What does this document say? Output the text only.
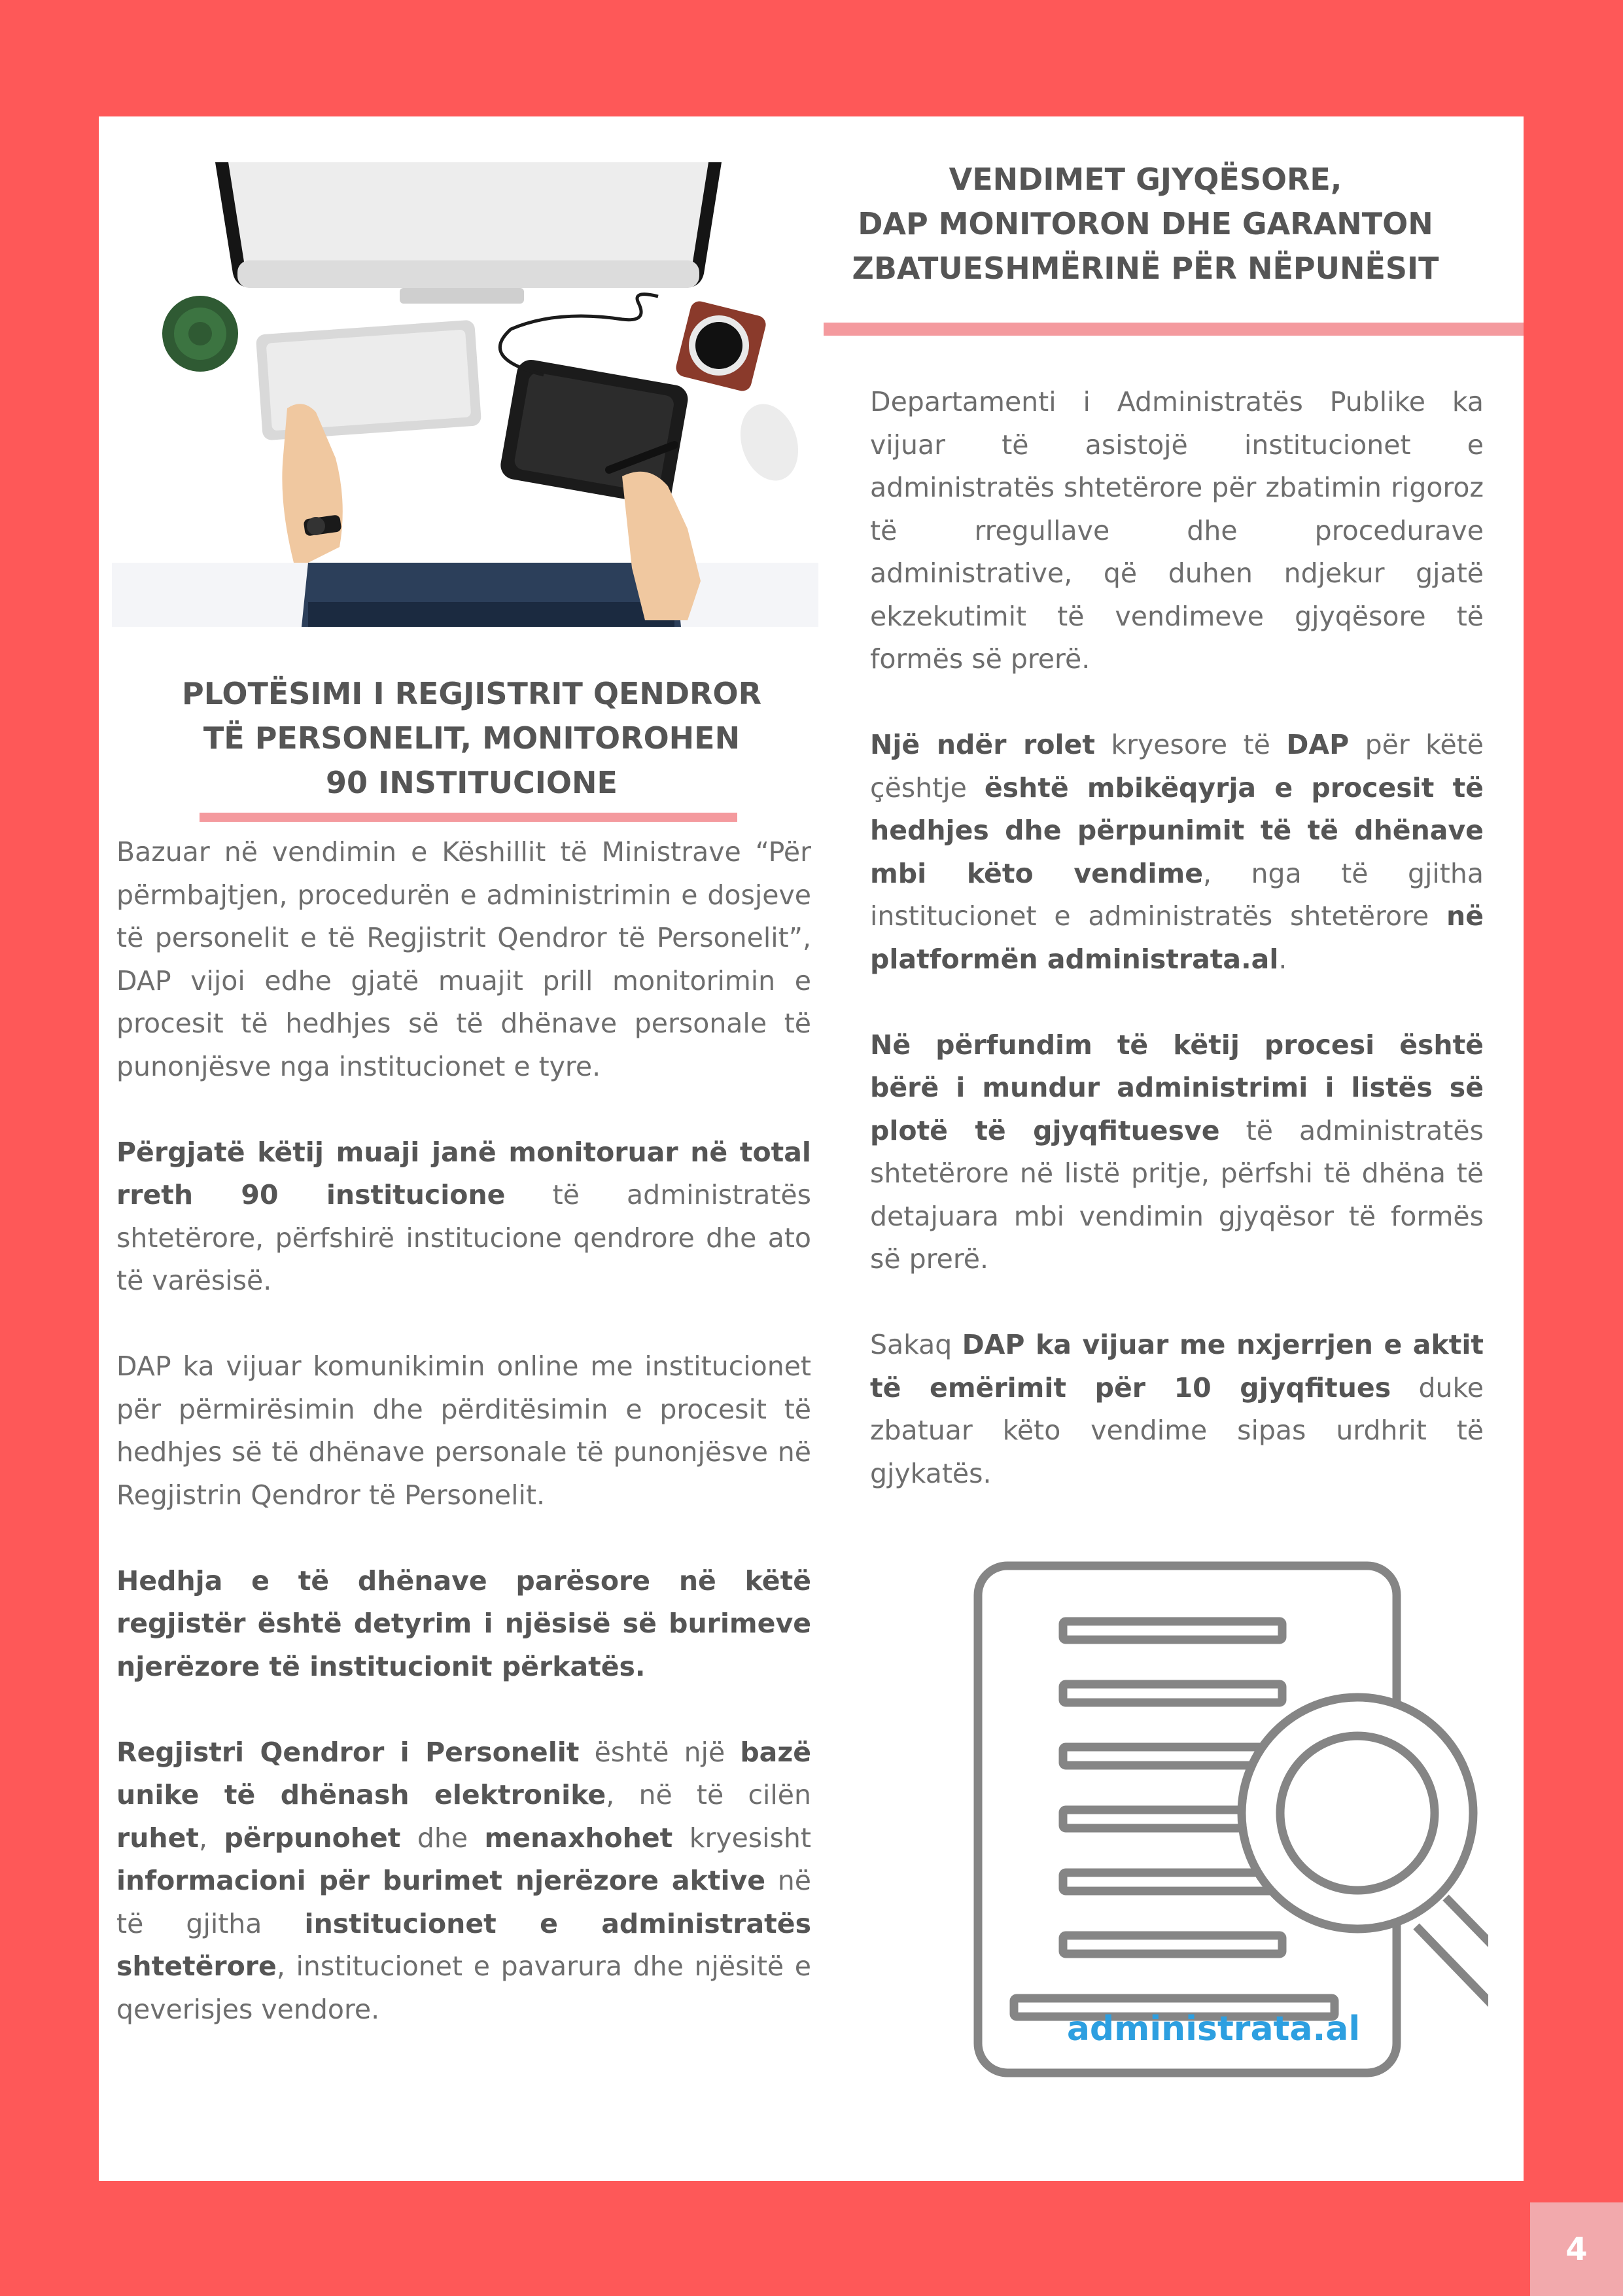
PLOTËSIMI I REGJISTRIT QENDROR
TË PERSONELIT, MONITOROHEN
90 INSTITUCIONE

Bazuar në vendimin e Këshillit të Ministrave “Për përmbajtjen, procedurën e administrimin e dosjeve të personelit e të Regjistrit Qendror të Personelit”, DAP vijoi edhe gjatë muajit prill monitorimin e procesit të hedhjes së të dhënave personale të punonjësve nga institucionet e tyre.

Përgjatë këtij muaji janë monitoruar në total rreth 90 institucione të administratës shtetërore, përfshirë institucione qendrore dhe ato të varësisë.

DAP ka vijuar komunikimin online me institucionet për përmirësimin dhe përditësimin e procesit të hedhjes së të dhënave personale të punonjësve në Regjistrin Qendror të Personelit.

Hedhja e të dhënave parësore në këtë regjistër është detyrim i njësisë së burimeve njerëzore të institucionit përkatës.

Regjistri Qendror i Personelit është një bazë unike të dhënash elektronike, në të cilën ruhet, përpunohet dhe menaxhohet kryesisht informacioni për burimet njerëzore aktive në të gjitha institucionet e administratës shtetërore, institucionet e pavarura dhe njësitë e qeverisjes vendore.

VENDIMET GJYQËSORE,
DAP MONITORON DHE GARANTON
ZBATUESHMËRINË PËR NËPUNËSIT

Departamenti i Administratës Publike ka vijuar të asistojë institucionet e administratës shtetërore për zbatimin rigoroz të rregullave dhe procedurave administrative, që duhen ndjekur gjatë ekzekutimit të vendimeve gjyqësore të formës së prerë.

Një ndër rolet kryesore të DAP për këtë çështje është mbikëqyrja e procesit të hedhjes dhe përpunimit të të dhënave mbi këto vendime, nga të gjitha institucionet e administratës shtetërore në platformën administrata.al.

Në përfundim të këtij procesi është bërë i mundur administrimi i listës së plotë të gjyqfituesve të administratës shtetërore në listë pritje, përfshi të dhëna të detajuara mbi vendimin gjyqësor të formës së prerë.

Sakaq DAP ka vijuar me nxjerrjen e aktit të emërimit për 10 gjyqfitues duke zbatuar këto vendime sipas urdhrit të gjykatës.

administrata.al
4
